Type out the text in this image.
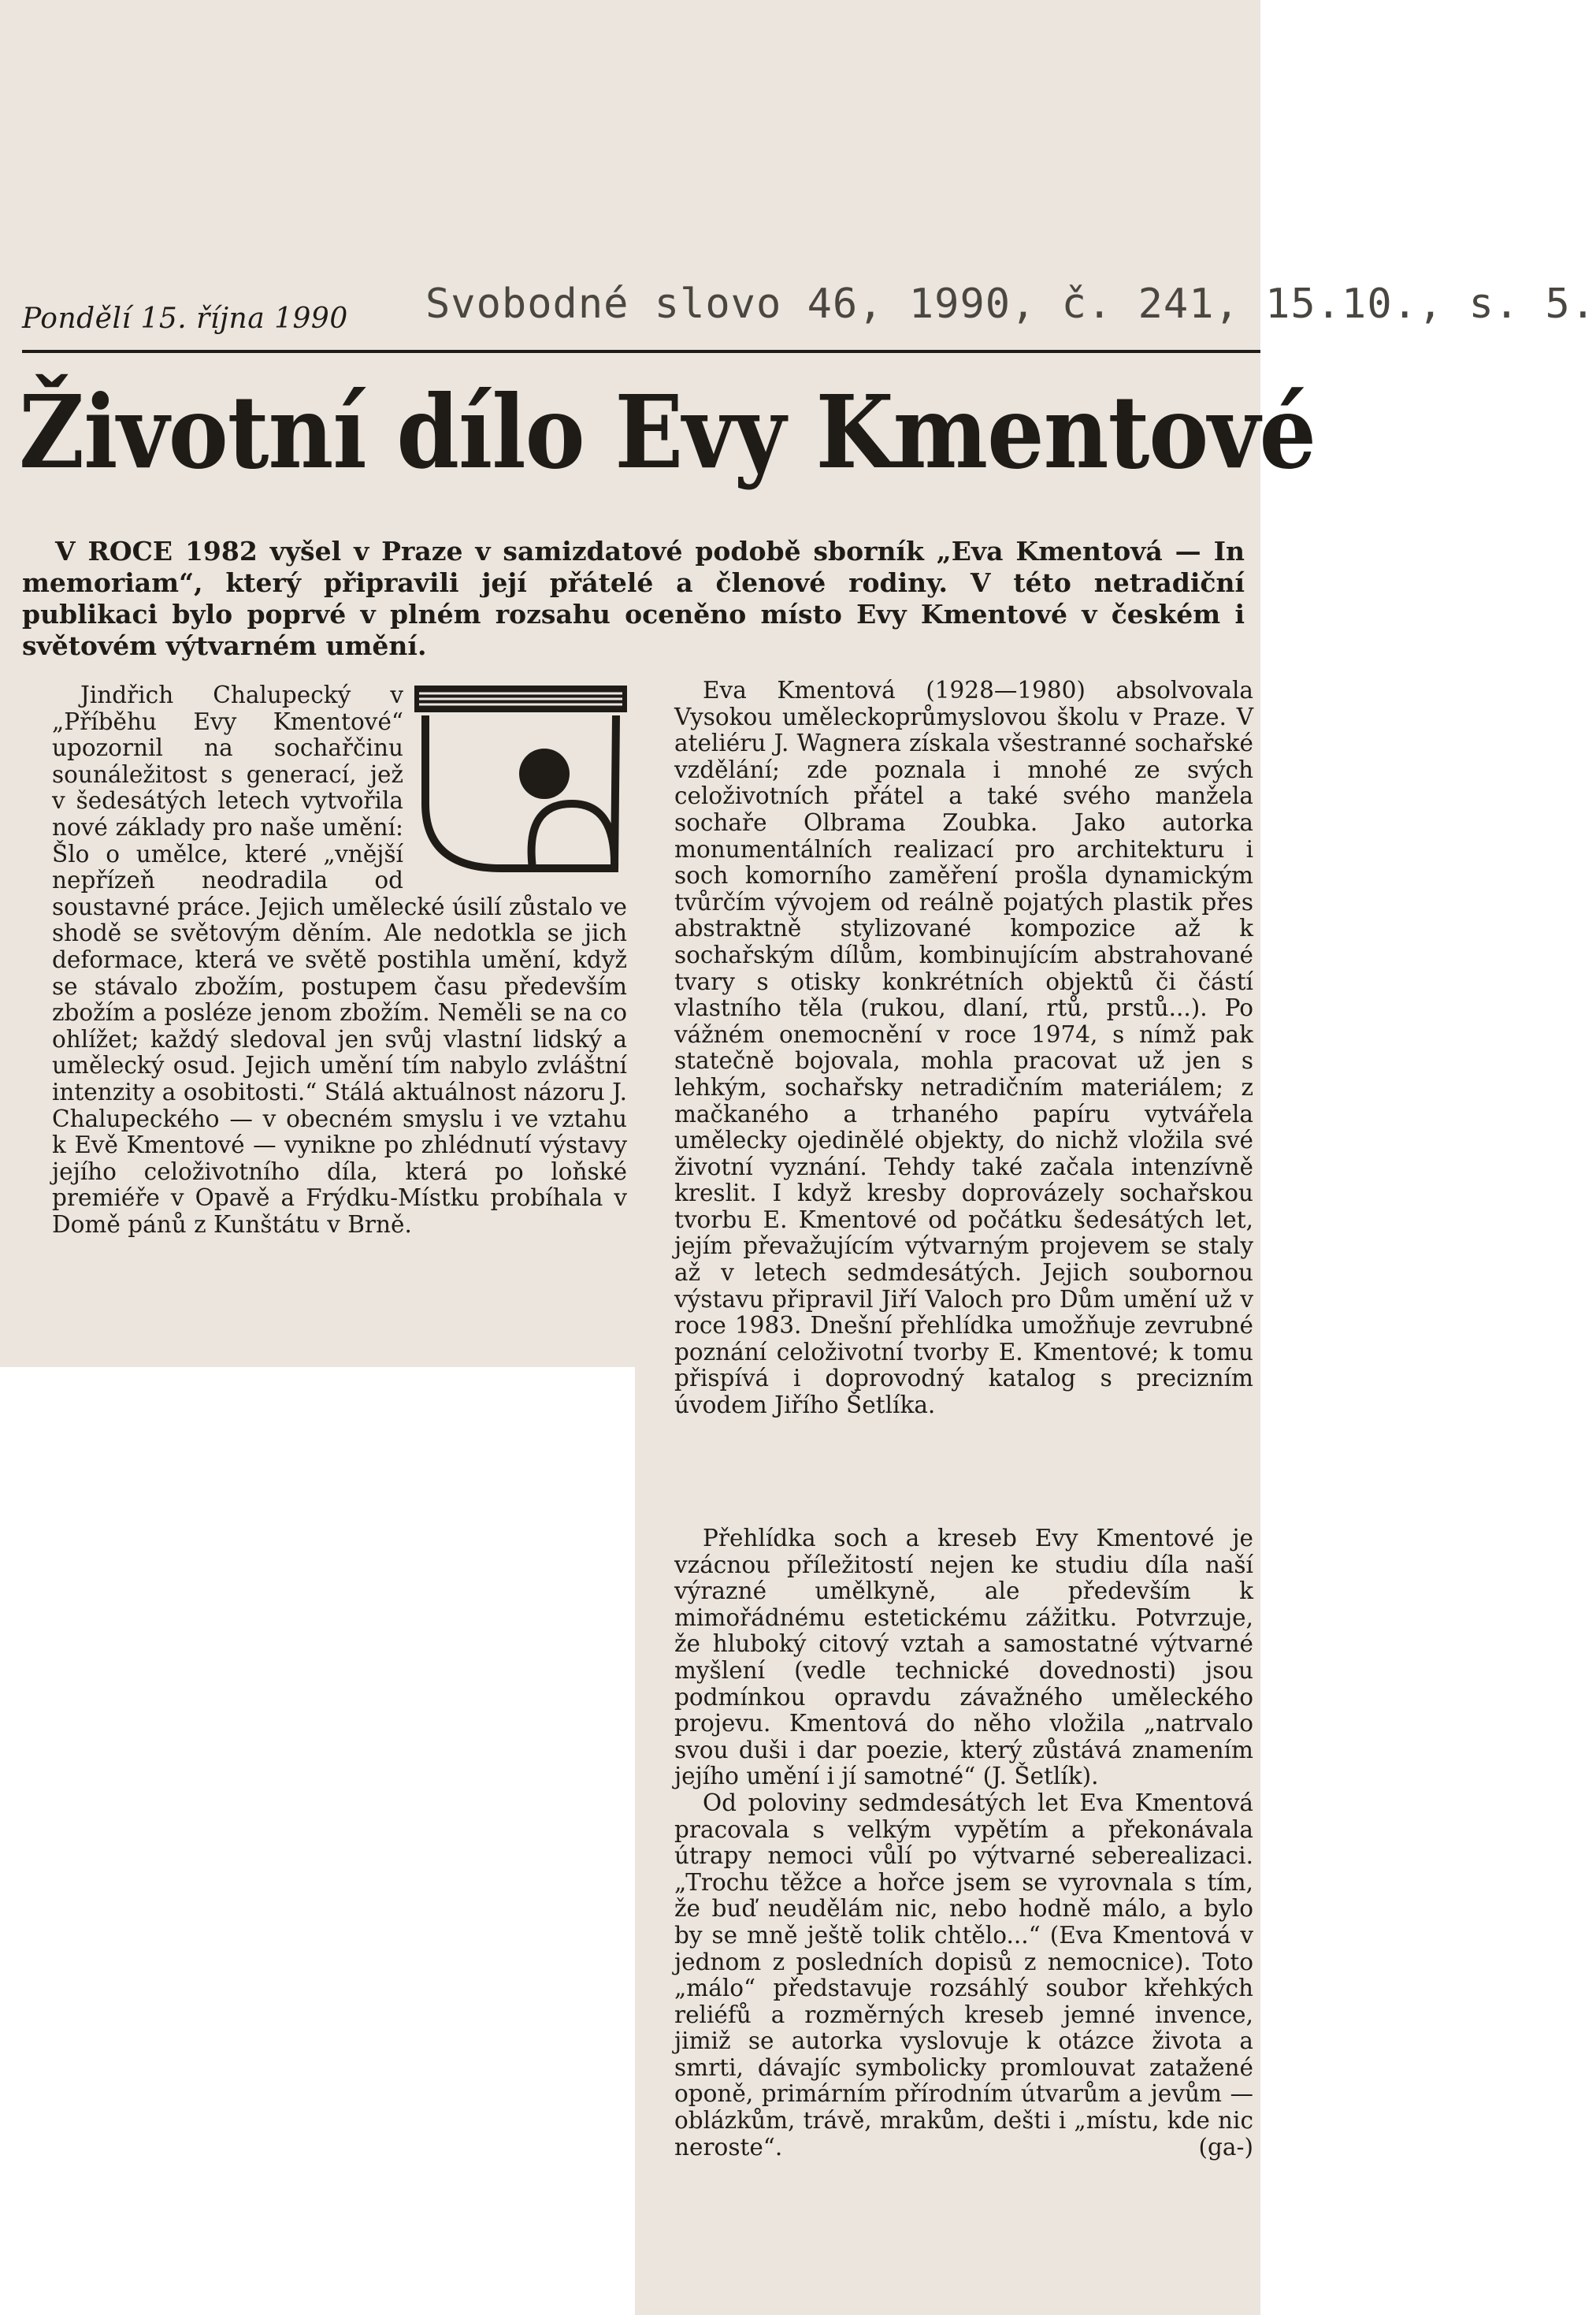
Pondělí 15. října 1990 Svobodné slovo 46, 1990, č. 241, 15.10., s. 5.
Životní dílo Evy Kmentové
V ROCE 1982 vyšel v Praze v samizdatové podobě sborník „Eva Kmentová — In memoriam“, který připravili její přátelé a členové rodiny. V této netradiční publikaci bylo poprvé v plném rozsahu oceněno místo Evy Kmentové v českém i světovém výtvarném umění.

Jindřich Chalupecký v „Příběhu Evy Kmentové“ upozornil na sochařčinu sounáležitost s generací, jež v šedesátých letech vytvořila nové základy pro naše umění: Šlo o umělce, které „vnější nepřízeň neodradila od soustavné práce. Jejich umělecké úsilí zůstalo ve shodě se světovým děním. Ale nedotkla se jich deformace, která ve světě postihla umění, když se stávalo zbožím, postupem času především zbožím a posléze jenom zbožím. Neměli se na co ohlížet; každý sledoval jen svůj vlastní lidský a umělecký osud. Jejich umění tím nabylo zvláštní intenzity a osobitosti.“ Stálá aktuálnost názoru J. Chalupeckého — v obecném smyslu i ve vztahu k Evě Kmentové — vynikne po zhlédnutí výstavy jejího celoživotního díla, která po loňské premiéře v Opavě a Frýdku-Místku probíhala v Domě pánů z Kunštátu v Brně.

Eva Kmentová (1928—1980) absolvovala Vysokou uměleckoprůmyslovou školu v Praze. V ateliéru J. Wagnera získala všestranné sochařské vzdělání; zde poznala i mnohé ze svých celoživotních přátel a také svého manžela sochaře Olbrama Zoubka. Jako autorka monumentálních realizací pro architekturu i soch komorního zaměření prošla dynamickým tvůrčím vývojem od reálně pojatých plastik přes abstraktně stylizované kompozice až k sochařským dílům, kombinujícím abstrahované tvary s otisky konkrétních objektů či částí vlastního těla (rukou, dlaní, rtů, prstů...). Po vážném onemocnění v roce 1974, s nímž pak statečně bojovala, mohla pracovat už jen s lehkým, sochařsky netradičním materiálem; z mačkaného a trhaného papíru vytvářela umělecky ojedinělé objekty, do nichž vložila své životní vyznání. Tehdy také začala intenzívně kreslit. I když kresby doprovázely sochařskou tvorbu E. Kmentové od počátku šedesátých let, jejím převažujícím výtvarným projevem se staly až v letech sedmdesátých. Jejich soubornou výstavu připravil Jiří Valoch pro Dům umění už v roce 1983. Dnešní přehlídka umožňuje zevrubné poznání celoživotní tvorby E. Kmentové; k tomu přispívá i doprovodný katalog s precizním úvodem Jiřího Šetlíka.

Přehlídka soch a kreseb Evy Kmentové je vzácnou příležitostí nejen ke studiu díla naší výrazné umělkyně, ale především k mimořádnému estetickému zážitku. Potvrzuje, že hluboký citový vztah a samostatné výtvarné myšlení (vedle technické dovednosti) jsou podmínkou opravdu závažného uměleckého projevu. Kmentová do něho vložila „natrvalo svou duši i dar poezie, který zůstává znamením jejího umění i jí samotné“ (J. Šetlík).

Od poloviny sedmdesátých let Eva Kmentová pracovala s velkým vypětím a překonávala útrapy nemoci vůlí po výtvarné seberealizaci. „Trochu těžce a hořce jsem se vyrovnala s tím, že buď neudělám nic, nebo hodně málo, a bylo by se mně ještě tolik chtělo...“ (Eva Kmentová v jednom z posledních dopisů z nemocnice). Toto „málo“ představuje rozsáhlý soubor křehkých reliéfů a rozměrných kreseb jemné invence, jimiž se autorka vyslovuje k otázce života a smrti, dávajíc symbolicky promlouvat zatažené oponě, primárním přírodním útvarům a jevům — oblázkům, trávě, mrakům, dešti i „místu, kde nic neroste“.	(ga-)
